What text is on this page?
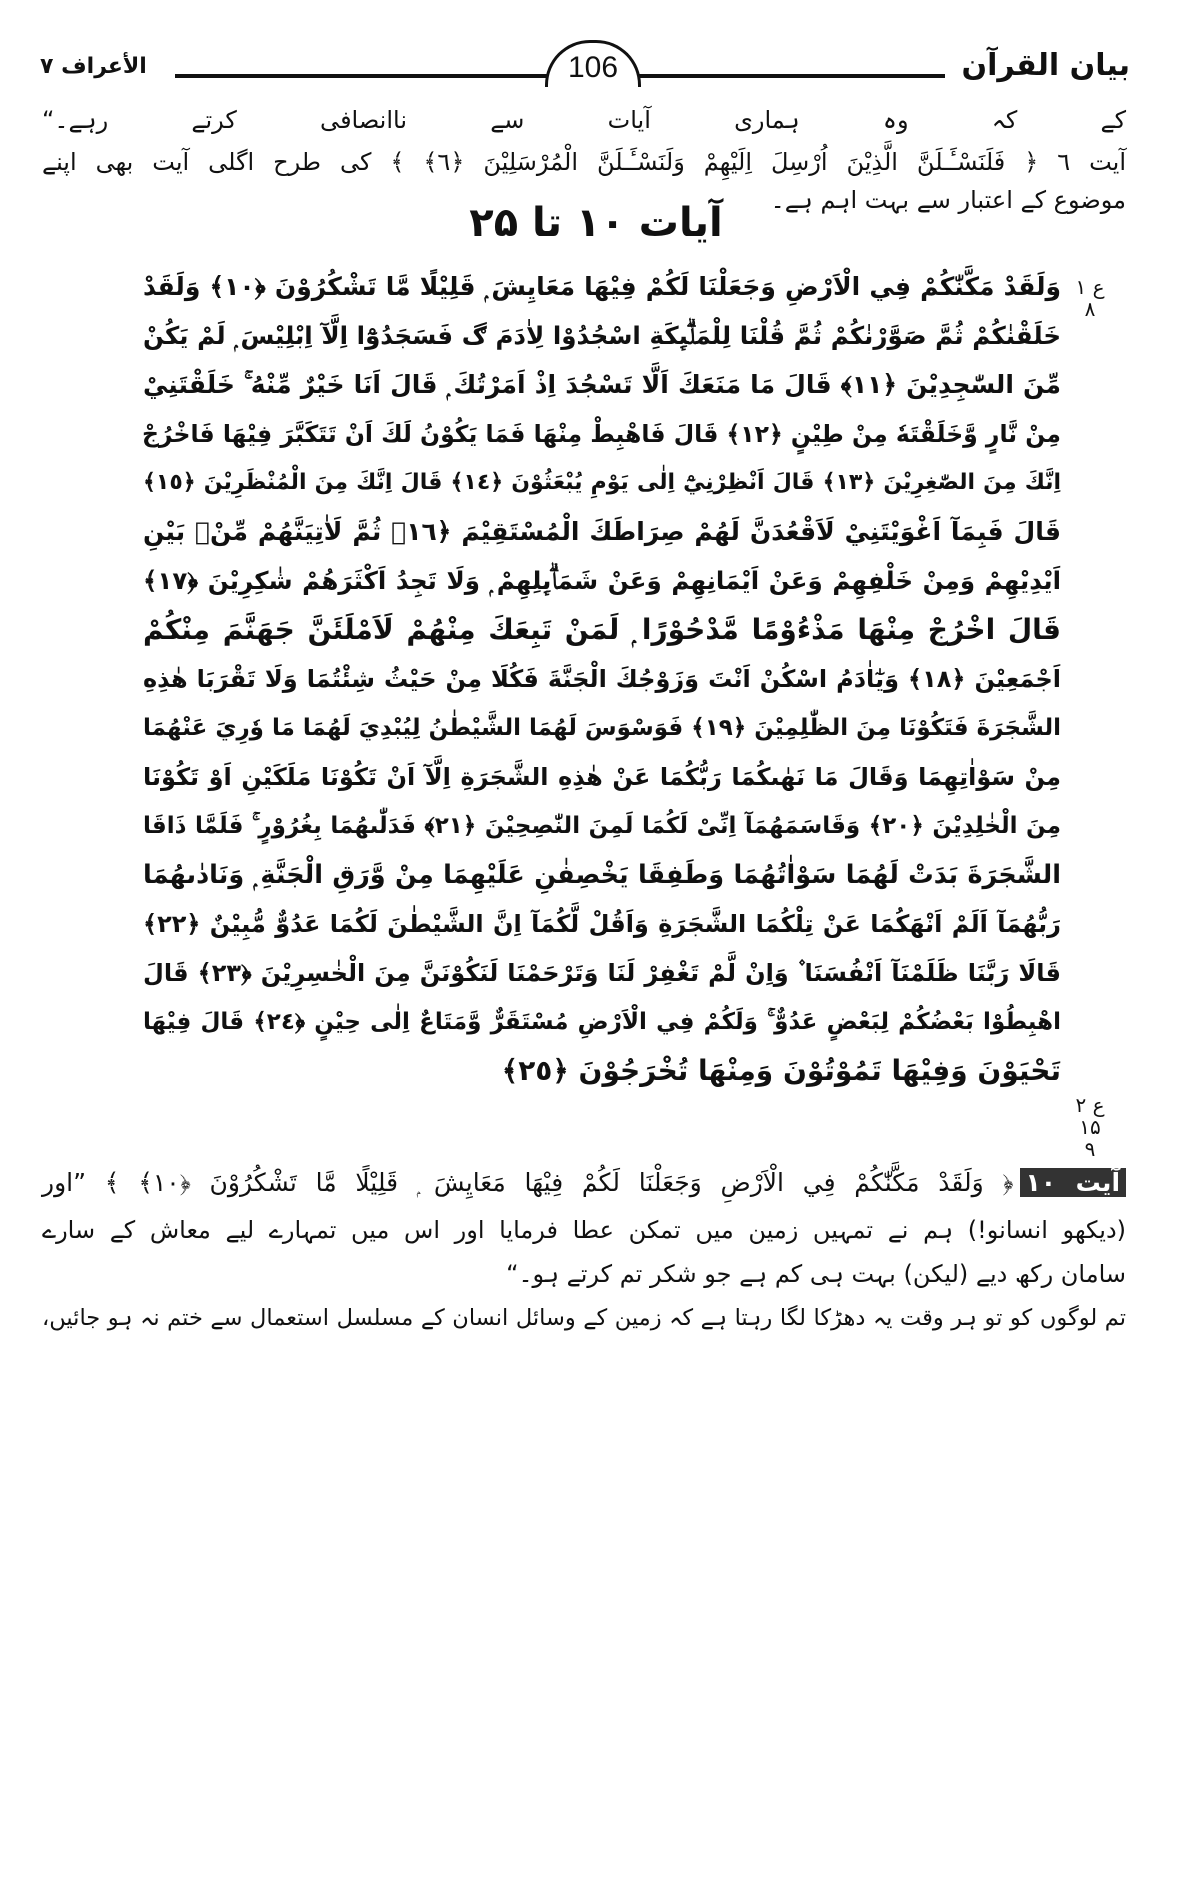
بیان القرآن
106
الأعراف ۷
کے کہ وہ ہماری آیات سے ناانصافی کرتے رہے۔“
آیت ٦ ﴿ فَلَنَسْـَٔـلَنَّ الَّذِيْنَ اُرْسِلَ اِلَيْهِمْ وَلَنَسْـَٔـلَنَّ الْمُرْسَلِيْنَ ﴿٦﴾ ﴾ کی طرح اگلی آیت بھی اپنے
موضوع کے اعتبار سے بہت اہم ہے۔
آیات ۱۰ تا ۲۵
وَلَقَدْ مَكَّنّٰكُمْ فِي الْاَرْضِ وَجَعَلْنَا لَكُمْ فِيْهَا مَعَايِشَ ۭ قَلِيْلًا مَّا تَشْكُرُوْنَ ﴿١٠﴾ وَلَقَدْ
خَلَقْنٰكُمْ ثُمَّ صَوَّرْنٰكُمْ ثُمَّ قُلْنَا لِلْمَلٰۗىِٕكَةِ اسْجُدُوْا لِاٰدَمَ ڰ فَسَجَدُوْٓا اِلَّآ اِبْلِيْسَ ۭ لَمْ يَكُنْ
مِّنَ السّٰجِدِيْنَ ﴿١١﴾ قَالَ مَا مَنَعَكَ اَلَّا تَسْجُدَ اِذْ اَمَرْتُكَ ۭ قَالَ اَنَا خَيْرٌ مِّنْهُ ۚ خَلَقْتَنِيْ
مِنْ نَّارٍ وَّخَلَقْتَهٗ مِنْ طِيْنٍ ﴿١٢﴾ قَالَ فَاهْبِطْ مِنْهَا فَمَا يَكُوْنُ لَكَ اَنْ تَتَكَبَّرَ فِيْهَا فَاخْرُجْ
اِنَّكَ مِنَ الصّٰغِرِيْنَ ﴿١٣﴾ قَالَ اَنْظِرْنِيْٓ اِلٰى يَوْمِ يُبْعَثُوْنَ ﴿١٤﴾ قَالَ اِنَّكَ مِنَ الْمُنْظَرِيْنَ ﴿١٥﴾
قَالَ فَبِمَآ اَغْوَيْتَنِيْ لَاَقْعُدَنَّ لَهُمْ صِرَاطَكَ الْمُسْتَقِيْمَ ﴿١٦﴾ ثُمَّ لَاٰتِيَنَّهُمْ مِّنْۢ بَيْنِ
اَيْدِيْهِمْ وَمِنْ خَلْفِهِمْ وَعَنْ اَيْمَانِهِمْ وَعَنْ شَمَاۗىِٕلِهِمْ ۭ وَلَا تَجِدُ اَكْثَرَهُمْ شٰكِرِيْنَ ﴿١٧﴾
قَالَ اخْرُجْ مِنْهَا مَذْءُوْمًا مَّدْحُوْرًا ۭ لَمَنْ تَبِعَكَ مِنْهُمْ لَاَمْلَئَنَّ جَهَنَّمَ مِنْكُمْ
اَجْمَعِيْنَ ﴿١٨﴾ وَيٰٓاٰدَمُ اسْكُنْ اَنْتَ وَزَوْجُكَ الْجَنَّةَ فَكُلَا مِنْ حَيْثُ شِئْتُمَا وَلَا تَقْرَبَا هٰذِهِ
الشَّجَرَةَ فَتَكُوْنَا مِنَ الظّٰلِمِيْنَ ﴿١٩﴾ فَوَسْوَسَ لَهُمَا الشَّيْطٰنُ لِيُبْدِيَ لَهُمَا مَا وٗرِيَ عَنْهُمَا
مِنْ سَوْاٰتِهِمَا وَقَالَ مَا نَهٰىكُمَا رَبُّكُمَا عَنْ هٰذِهِ الشَّجَرَةِ اِلَّآ اَنْ تَكُوْنَا مَلَكَيْنِ اَوْ تَكُوْنَا
مِنَ الْخٰلِدِيْنَ ﴿٢٠﴾ وَقَاسَمَهُمَآ اِنِّىْ لَكُمَا لَمِنَ النّٰصِحِيْنَ ﴿٢١﴾ فَدَلّٰىهُمَا بِغُرُوْرٍ ۚ فَلَمَّا ذَاقَا
الشَّجَرَةَ بَدَتْ لَهُمَا سَوْاٰتُهُمَا وَطَفِقَا يَخْصِفٰنِ عَلَيْهِمَا مِنْ وَّرَقِ الْجَنَّةِ ۭ وَنَادٰىهُمَا
رَبُّهُمَآ اَلَمْ اَنْهَكُمَا عَنْ تِلْكُمَا الشَّجَرَةِ وَاَقُلْ لَّكُمَآ اِنَّ الشَّيْطٰنَ لَكُمَا عَدُوٌّ مُّبِيْنٌ ﴿٢٢﴾
قَالَا رَبَّنَا ظَلَمْنَآ اَنْفُسَنَا ۫ وَاِنْ لَّمْ تَغْفِرْ لَنَا وَتَرْحَمْنَا لَنَكُوْنَنَّ مِنَ الْخٰسِرِيْنَ ﴿٢٣﴾ قَالَ
اهْبِطُوْا بَعْضُكُمْ لِبَعْضٍ عَدُوٌّ ۚ وَلَكُمْ فِي الْاَرْضِ مُسْتَقَرٌّ وَّمَتَاعٌ اِلٰى حِيْنٍ ﴿٢٤﴾ قَالَ فِيْهَا
تَحْيَوْنَ وَفِيْهَا تَمُوْتُوْنَ وَمِنْهَا تُخْرَجُوْنَ ﴿٢٥﴾
ع ۱
۸
ع ۲ ۱۵
۹
آیت ۱۰﴿ وَلَقَدْ مَكَّنّٰكُمْ فِي الْاَرْضِ وَجَعَلْنَا لَكُمْ فِيْهَا مَعَايِشَ ۭ قَلِيْلًا مَّا تَشْكُرُوْنَ ﴿١٠﴾ ﴾ ”اور
(دیکھو انسانو!) ہم نے تمہیں زمین میں تمکن عطا فرمایا اور اس میں تمہارے لیے معاش کے سارے
سامان رکھ دیے (لیکن) بہت ہی کم ہے جو شکر تم کرتے ہو۔“
تم لوگوں کو تو ہر وقت یہ دھڑکا لگا رہتا ہے کہ زمین کے وسائل انسان کے مسلسل استعمال سے ختم نہ ہو جائیں،
